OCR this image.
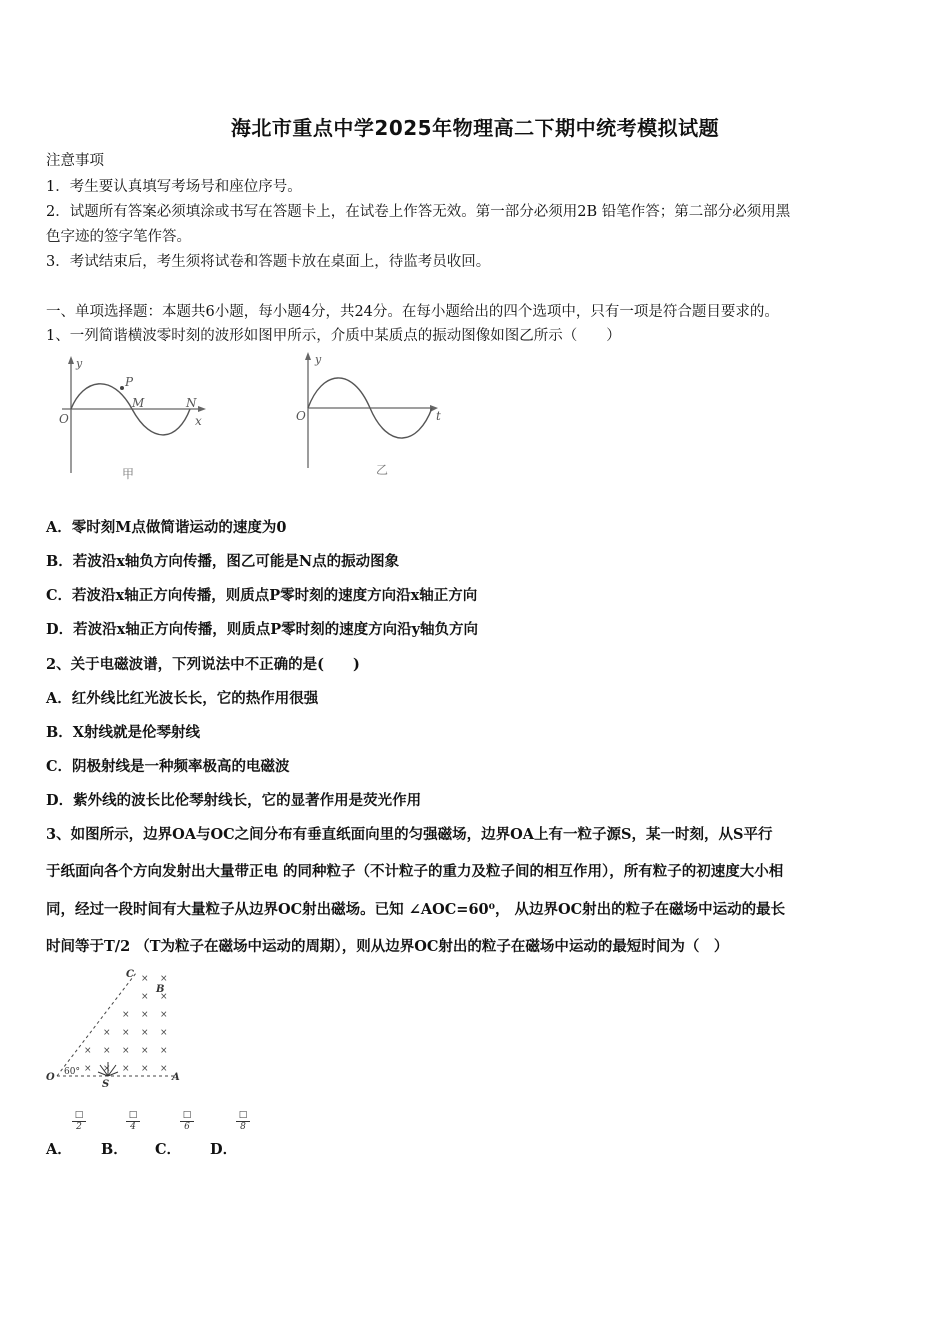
海北市重点中学2025年物理高二下期中统考模拟试题
注意事项
1．考生要认真填写考场号和座位序号。
2．试题所有答案必须填涂或书写在答题卡上，在试卷上作答无效。第一部分必须用2B 铅笔作答；第二部分必须用黑
色字迹的签字笔作答。
3．考试结束后，考生须将试卷和答题卡放在桌面上，待监考员收回。
一、单项选择题：本题共6小题，每小题4分，共24分。在每小题给出的四个选项中，只有一项是符合题目要求的。
1、一列简谐横波零时刻的波形如图甲所示，介质中某质点的振动图像如图乙所示（　　）
P
y
M	N
O	x
甲
y
O	t
乙
A．零时刻M点做简谐运动的速度为0
B．若波沿x轴负方向传播，图乙可能是N点的振动图象
C．若波沿x轴正方向传播，则质点P零时刻的速度方向沿x轴正方向
D．若波沿x轴正方向传播，则质点P零时刻的速度方向沿y轴负方向
2、关于电磁波谱，下列说法中不正确的是(　　)
A．红外线比红光波长长，它的热作用很强
B．X射线就是伦琴射线
C．阴极射线是一种频率极高的电磁波
D．紫外线的波长比伦琴射线长，它的显著作用是荧光作用
3、如图所示，边界OA与OC之间分布有垂直纸面向里的匀强磁场，边界OA上有一粒子源S，某一时刻，从S平行
于纸面向各个方向发射出大量带正电 的同种粒子（不计粒子的重力及粒子间的相互作用），所有粒子的初速度大小相
同，经过一段时间有大量粒子从边界OC射出磁场。已知 ∠AOC=60⁰， 从边界OC射出的粒子在磁场中运动的最长
时间等于T/2 （T为粒子在磁场中运动的周期），则从边界OC射出的粒子在磁场中运动的最短时间为（　）
C
B
O 60°
S
A
×
×
×
×
×
×
×
×
×
×
×
×
×
×
×
×
×
×
×
×
×
□
2
□
4
□
6
□
8
A． B． C． D．
